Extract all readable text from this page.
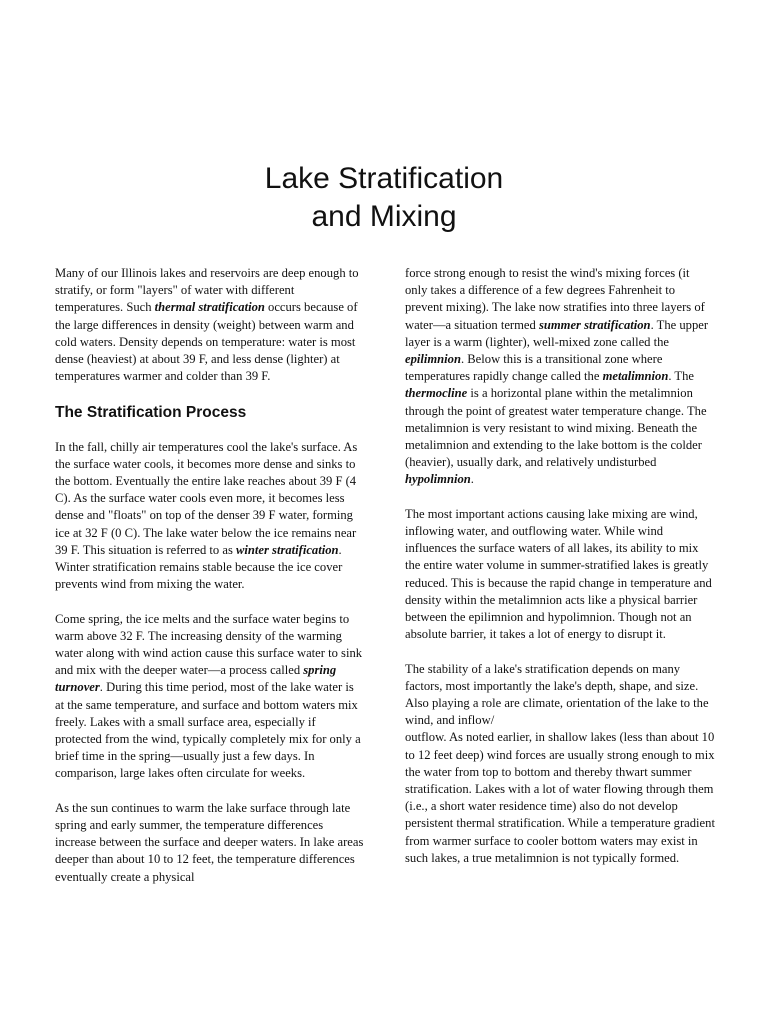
Lake Stratification
and Mixing

Many of our Illinois lakes and reservoirs are deep enough to stratify, or form "layers" of water with different temperatures. Such thermal stratification occurs because of the large differences in density (weight) between warm and cold waters. Density depends on temperature: water is most dense (heaviest) at about 39 F, and less dense (lighter) at temperatures warmer and colder than 39 F.

The Stratification Process

In the fall, chilly air temperatures cool the lake's surface. As the surface water cools, it becomes more dense and sinks to the bottom. Eventually the entire lake reaches about 39 F (4 C). As the surface water cools even more, it becomes less dense and "floats" on top of the denser 39 F water, forming ice at 32 F (0 C). The lake water below the ice remains near 39 F. This situation is referred to as winter stratification. Winter stratification remains stable because the ice cover prevents wind from mixing the water.

Come spring, the ice melts and the surface water begins to warm above 32 F. The increasing density of the warming water along with wind action cause this surface water to sink and mix with the deeper water—a process called spring turnover. During this time period, most of the lake water is at the same temperature, and surface and bottom waters mix freely. Lakes with a small surface area, especially if protected from the wind, typically completely mix for only a brief time in the spring—usually just a few days. In comparison, large lakes often circulate for weeks.

As the sun continues to warm the lake surface through late spring and early summer, the temperature differences increase between the surface and deeper waters. In lake areas deeper than about 10 to 12 feet, the temperature differences eventually create a physical

force strong enough to resist the wind's mixing forces (it only takes a difference of a few degrees Fahrenheit to prevent mixing). The lake now stratifies into three layers of water—a situation termed summer stratification. The upper layer is a warm (lighter), well-mixed zone called the epilimnion. Below this is a transitional zone where temperatures rapidly change called the metalimnion. The thermocline is a horizontal plane within the metalimnion through the point of greatest water temperature change. The metalimnion is very resistant to wind mixing. Beneath the metalimnion and extending to the lake bottom is the colder (heavier), usually dark, and relatively undisturbed hypolimnion.

The most important actions causing lake mixing are wind, inflowing water, and outflowing water. While wind influences the surface waters of all lakes, its ability to mix the entire water volume in summer-stratified lakes is greatly reduced. This is because the rapid change in temperature and density within the metalimnion acts like a physical barrier between the epilimnion and hypolimnion. Though not an absolute barrier, it takes a lot of energy to disrupt it.

The stability of a lake's stratification depends on many factors, most importantly the lake's depth, shape, and size. Also playing a role are climate, orientation of the lake to the wind, and inflow/
outflow. As noted earlier, in shallow lakes (less than about 10 to 12 feet deep) wind forces are usually strong enough to mix the water from top to bottom and thereby thwart summer stratification. Lakes with a lot of water flowing through them (i.e., a short water residence time) also do not develop persistent thermal stratification. While a temperature gradient from warmer surface to cooler bottom waters may exist in such lakes, a true metalimnion is not typically formed.
